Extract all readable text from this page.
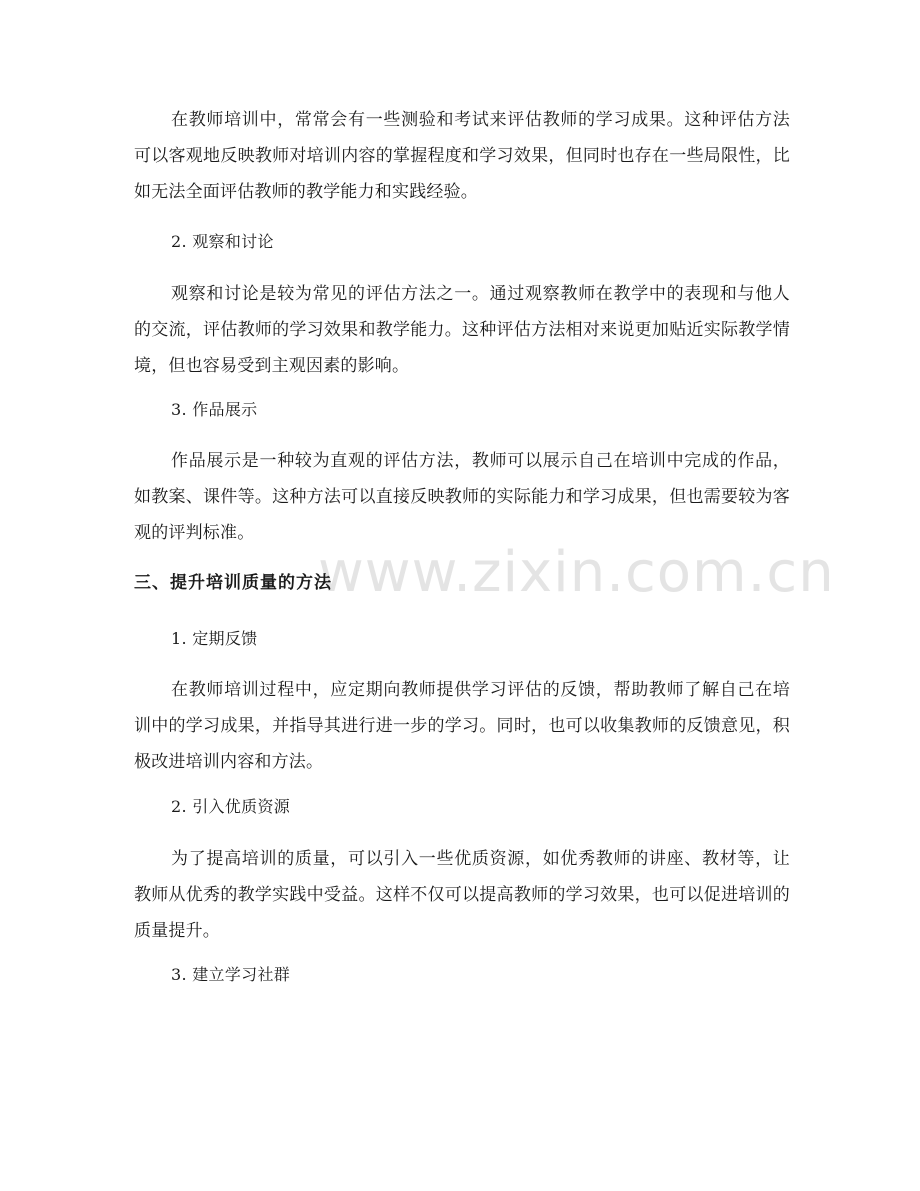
www.zixin.com.cn

在教师培训中，常常会有一些测验和考试来评估教师的学习成果。这种评估方法可以客观地反映教师对培训内容的掌握程度和学习效果，但同时也存在一些局限性，比如无法全面评估教师的教学能力和实践经验。

2. 观察和讨论

观察和讨论是较为常见的评估方法之一。通过观察教师在教学中的表现和与他人的交流，评估教师的学习效果和教学能力。这种评估方法相对来说更加贴近实际教学情境，但也容易受到主观因素的影响。

3. 作品展示

作品展示是一种较为直观的评估方法，教师可以展示自己在培训中完成的作品，如教案、课件等。这种方法可以直接反映教师的实际能力和学习成果，但也需要较为客观的评判标准。

三、提升培训质量的方法

1. 定期反馈

在教师培训过程中，应定期向教师提供学习评估的反馈，帮助教师了解自己在培训中的学习成果，并指导其进行进一步的学习。同时，也可以收集教师的反馈意见，积极改进培训内容和方法。

2. 引入优质资源

为了提高培训的质量，可以引入一些优质资源，如优秀教师的讲座、教材等，让教师从优秀的教学实践中受益。这样不仅可以提高教师的学习效果，也可以促进培训的质量提升。

3. 建立学习社群
